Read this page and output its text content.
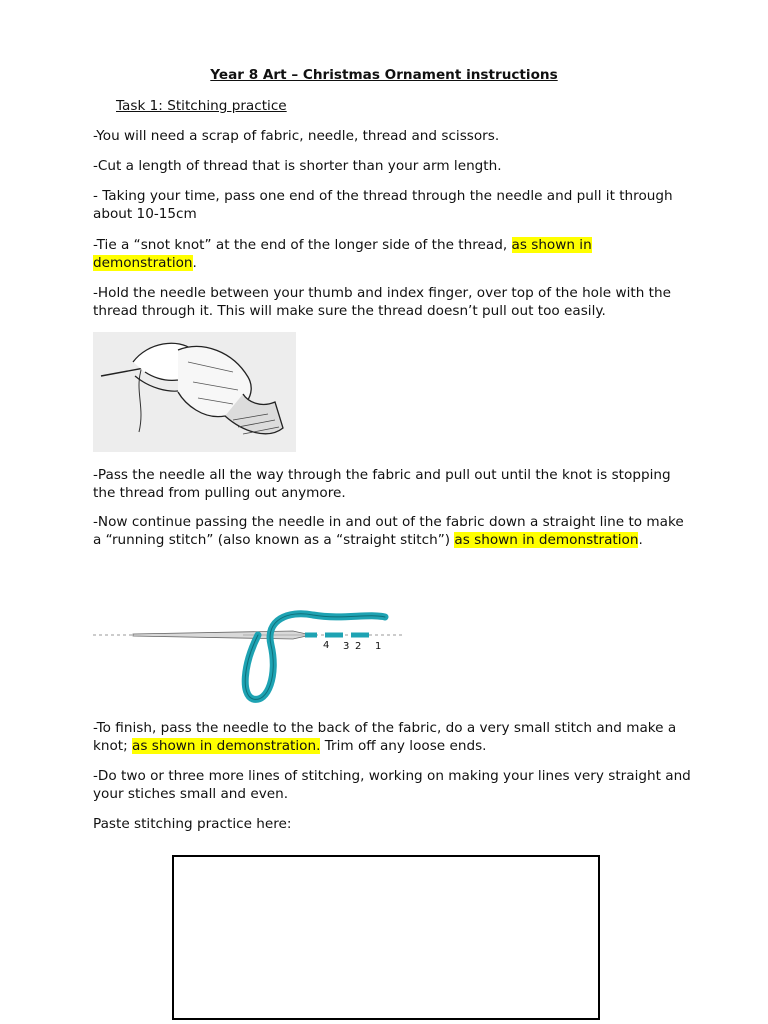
Year 8 Art – Christmas Ornament instructions
Task 1: Stitching practice
-You will need a scrap of fabric, needle, thread and scissors.
-Cut a length of thread that is shorter than your arm length.
- Taking your time, pass one end of the thread through the needle and pull it through about 10-15cm
-Tie a “snot knot” at the end of the longer side of the thread, as shown in demonstration.
-Hold the needle between your thumb and index finger, over top of the hole with the thread through it. This will make sure the thread doesn’t pull out too easily.
-Pass the needle all the way through the fabric and pull out until the knot is stopping the thread from pulling out anymore.
-Now continue passing the needle in and out of the fabric down a straight line to make a “running stitch” (also known as a “straight stitch”) as shown in demonstration.
4 3 2 1
-To finish, pass the needle to the back of the fabric, do a very small stitch and make a knot; as shown in demonstration. Trim off any loose ends.
-Do two or three more lines of stitching, working on making your lines very straight and your stiches small and even.
Paste stitching practice here:
